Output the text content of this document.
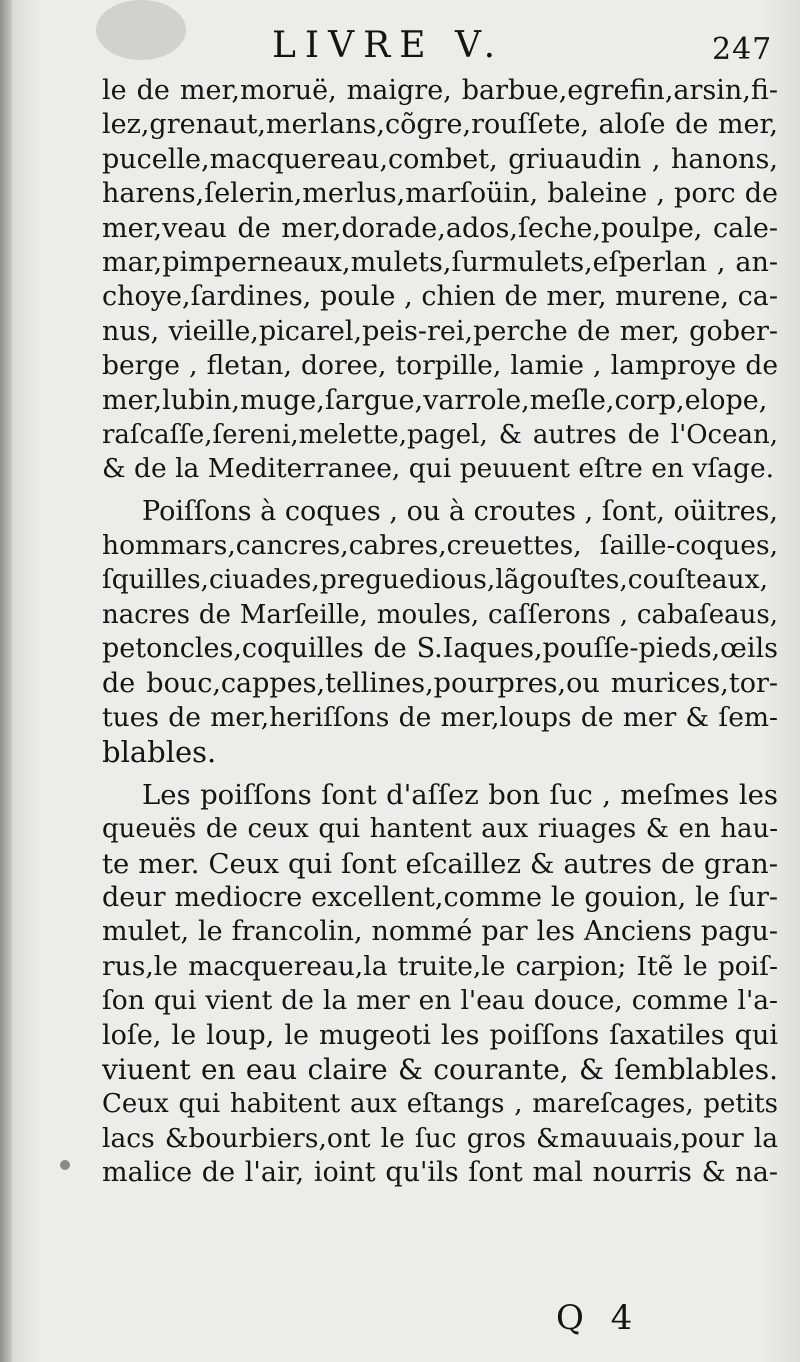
LIVRE V.	247
le de mer,moruë, maigre, barbue,egrefin,arsin,fi-
lez,grenaut,merlans,cõgre,rouſſete, aloſe de mer,
pucelle,macquereau,combet, griuaudin , hanons,
harens,ſelerin,merlus,marſoüin, baleine , porc de
mer,veau de mer,dorade,ados,ſeche,poulpe, cale-
mar,pimperneaux,mulets,ſurmulets,eſperlan , an-
choye,ſardines, poule , chien de mer, murene, ca-
nus, vieille,picarel,peis-rei,perche de mer, gober-
berge , fletan, doree, torpille, lamie , lamproye de
mer,lubin,muge,ſargue,varrole,meſle,corp,elope,
raſcaſſe,ſereni,melette,pagel, & autres de l'Ocean,
& de la Mediterranee, qui peuuent eſtre en vſage.
Poiſſons à coques , ou à croutes , ſont, oüitres,
hommars,cancres,cabres,creuettes, ſaille-coques,
ſquilles,ciuades,preguedious,lãgouſtes,couſteaux,
nacres de Marſeille, moules, caſſerons , cabaſeaus,
petoncles,coquilles de S.Iaques,pouſſe-pieds,œils
de bouc,cappes,tellines,pourpres,ou murices,tor-
tues de mer,heriſſons de mer,loups de mer & ſem-
blables.
Les poiſſons ſont d'aſſez bon ſuc , meſmes les
queuës de ceux qui hantent aux riuages & en hau-
te mer. Ceux qui ſont eſcaillez & autres de gran-
deur mediocre excellent,comme le gouion, le ſur-
mulet, le francolin, nommé par les Anciens pagu-
rus,le macquereau,la truite,le carpion; Itẽ le poiſ-
ſon qui vient de la mer en l'eau douce, comme l'a-
loſe, le loup, le mugeoti les poiſſons ſaxatiles qui
viuent en eau claire & courante, & ſemblables.
Ceux qui habitent aux eſtangs , mareſcages, petits
lacs &bourbiers,ont le ſuc gros &mauuais,pour la
malice de l'air, ioint qu'ils ſont mal nourris & na-
Q 4
